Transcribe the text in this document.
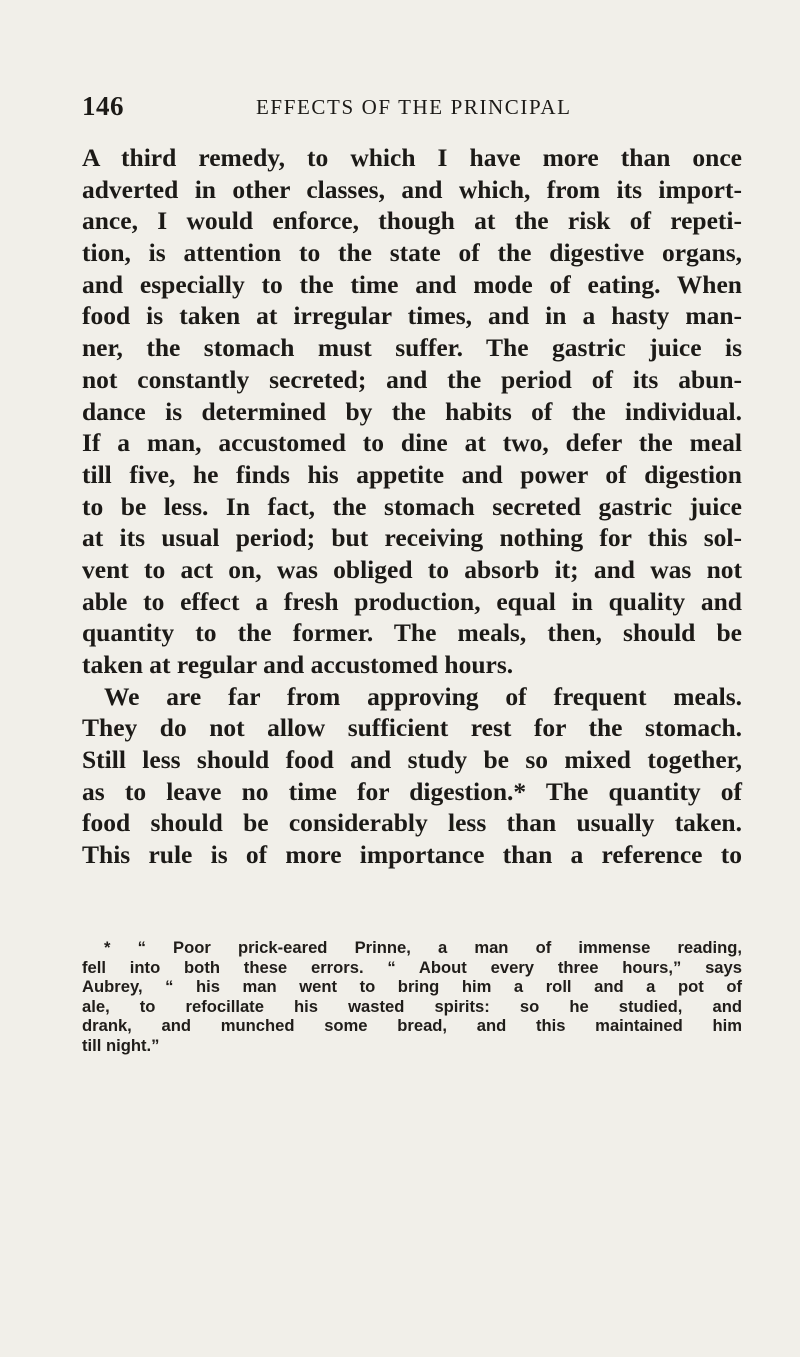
146	EFFECTS OF THE PRINCIPAL
A third remedy, to which I have more than once
adverted in other classes, and which, from its import-
ance, I would enforce, though at the risk of repeti-
tion, is attention to the state of the digestive organs,
and especially to the time and mode of eating. When
food is taken at irregular times, and in a hasty man-
ner, the stomach must suffer. The gastric juice is
not constantly secreted; and the period of its abun-
dance is determined by the habits of the individual.
If a man, accustomed to dine at two, defer the meal
till five, he finds his appetite and power of digestion
to be less. In fact, the stomach secreted gastric juice
at its usual period; but receiving nothing for this sol-
vent to act on, was obliged to absorb it; and was not
able to effect a fresh production, equal in quality and
quantity to the former. The meals, then, should be
taken at regular and accustomed hours.
We are far from approving of frequent meals.
They do not allow sufficient rest for the stomach.
Still less should food and study be so mixed together,
as to leave no time for digestion.* The quantity of
food should be considerably less than usually taken.
This rule is of more importance than a reference to
* “ Poor prick-eared Prinne, a man of immense reading,
fell into both these errors. “ About every three hours,” says
Aubrey, “ his man went to bring him a roll and a pot of
ale, to refocillate his wasted spirits: so he studied, and
drank, and munched some bread, and this maintained him
till night.”
